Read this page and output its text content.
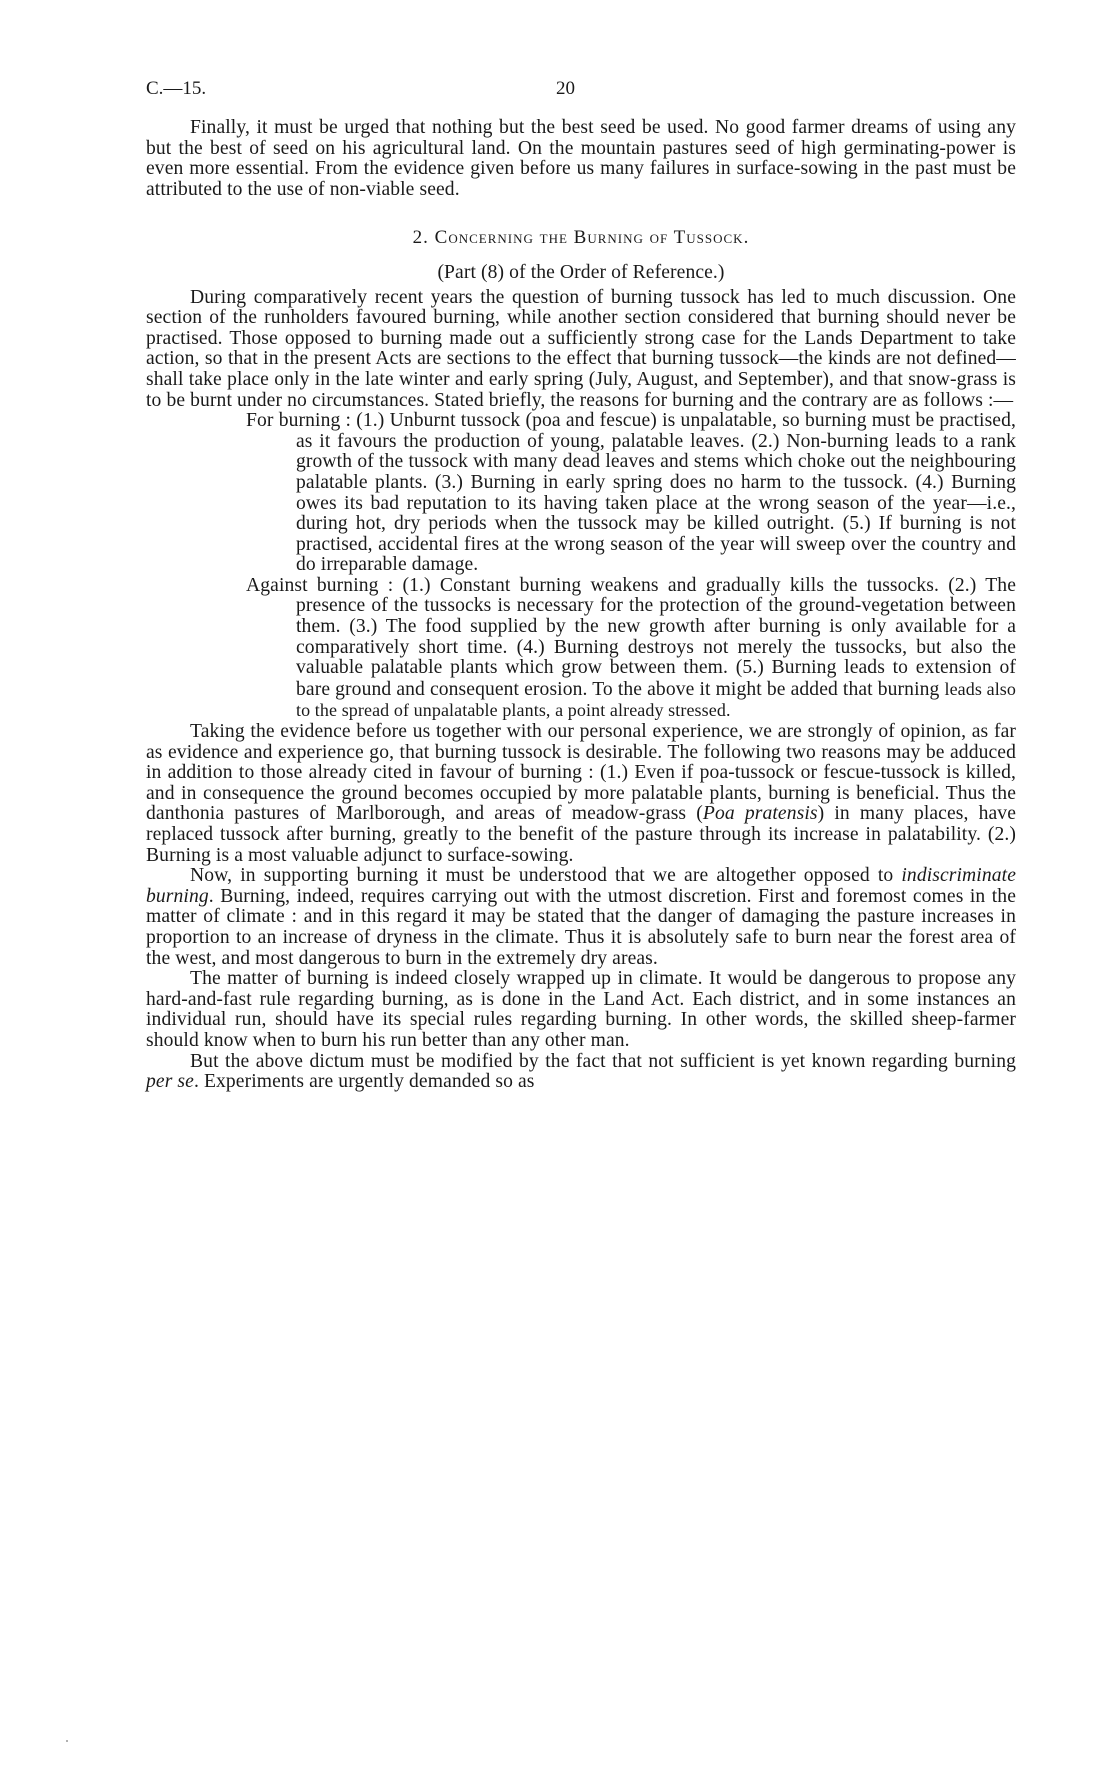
C.—15.	20

Finally, it must be urged that nothing but the best seed be used. No good farmer dreams of using any but the best of seed on his agricultural land. On the mountain pastures seed of high germinating-power is even more essential. From the evidence given before us many failures in surface-sowing in the past must be attributed to the use of non-viable seed.

2. Concerning the Burning of Tussock.

(Part (8) of the Order of Reference.)

During comparatively recent years the question of burning tussock has led to much discussion. One section of the runholders favoured burning, while another section considered that burning should never be practised. Those opposed to burning made out a sufficiently strong case for the Lands Department to take action, so that in the present Acts are sections to the effect that burning tussock—the kinds are not defined—shall take place only in the late winter and early spring (July, August, and September), and that snow-grass is to be burnt under no circumstances. Stated briefly, the reasons for burning and the contrary are as follows :—

For burning : (1.) Unburnt tussock (poa and fescue) is unpalatable, so burning must be practised, as it favours the production of young, palatable leaves. (2.) Non-burning leads to a rank growth of the tussock with many dead leaves and stems which choke out the neighbouring palatable plants. (3.) Burning in early spring does no harm to the tussock. (4.) Burning owes its bad reputation to its having taken place at the wrong season of the year—i.e., during hot, dry periods when the tussock may be killed outright. (5.) If burning is not practised, accidental fires at the wrong season of the year will sweep over the country and do irreparable damage.

Against burning : (1.) Constant burning weakens and gradually kills the tussocks. (2.) The presence of the tussocks is necessary for the protection of the ground-vegetation between them. (3.) The food supplied by the new growth after burning is only available for a comparatively short time. (4.) Burning destroys not merely the tussocks, but also the valuable palatable plants which grow between them. (5.) Burning leads to extension of bare ground and consequent erosion. To the above it might be added that burning leads also to the spread of unpalatable plants, a point already stressed.

Taking the evidence before us together with our personal experience, we are strongly of opinion, as far as evidence and experience go, that burning tussock is desirable. The following two reasons may be adduced in addition to those already cited in favour of burning : (1.) Even if poa-tussock or fescue-tussock is killed, and in consequence the ground becomes occupied by more palatable plants, burning is beneficial. Thus the danthonia pastures of Marlborough, and areas of meadow-grass (Poa pratensis) in many places, have replaced tussock after burning, greatly to the benefit of the pasture through its increase in palatability. (2.) Burning is a most valuable adjunct to surface-sowing.

Now, in supporting burning it must be understood that we are altogether opposed to indiscriminate burning. Burning, indeed, requires carrying out with the utmost discretion. First and foremost comes in the matter of climate : and in this regard it may be stated that the danger of damaging the pasture increases in proportion to an increase of dryness in the climate. Thus it is absolutely safe to burn near the forest area of the west, and most dangerous to burn in the extremely dry areas.

The matter of burning is indeed closely wrapped up in climate. It would be dangerous to propose any hard-and-fast rule regarding burning, as is done in the Land Act. Each district, and in some instances an individual run, should have its special rules regarding burning. In other words, the skilled sheep-farmer should know when to burn his run better than any other man.

But the above dictum must be modified by the fact that not sufficient is yet known regarding burning per se. Experiments are urgently demanded so as
